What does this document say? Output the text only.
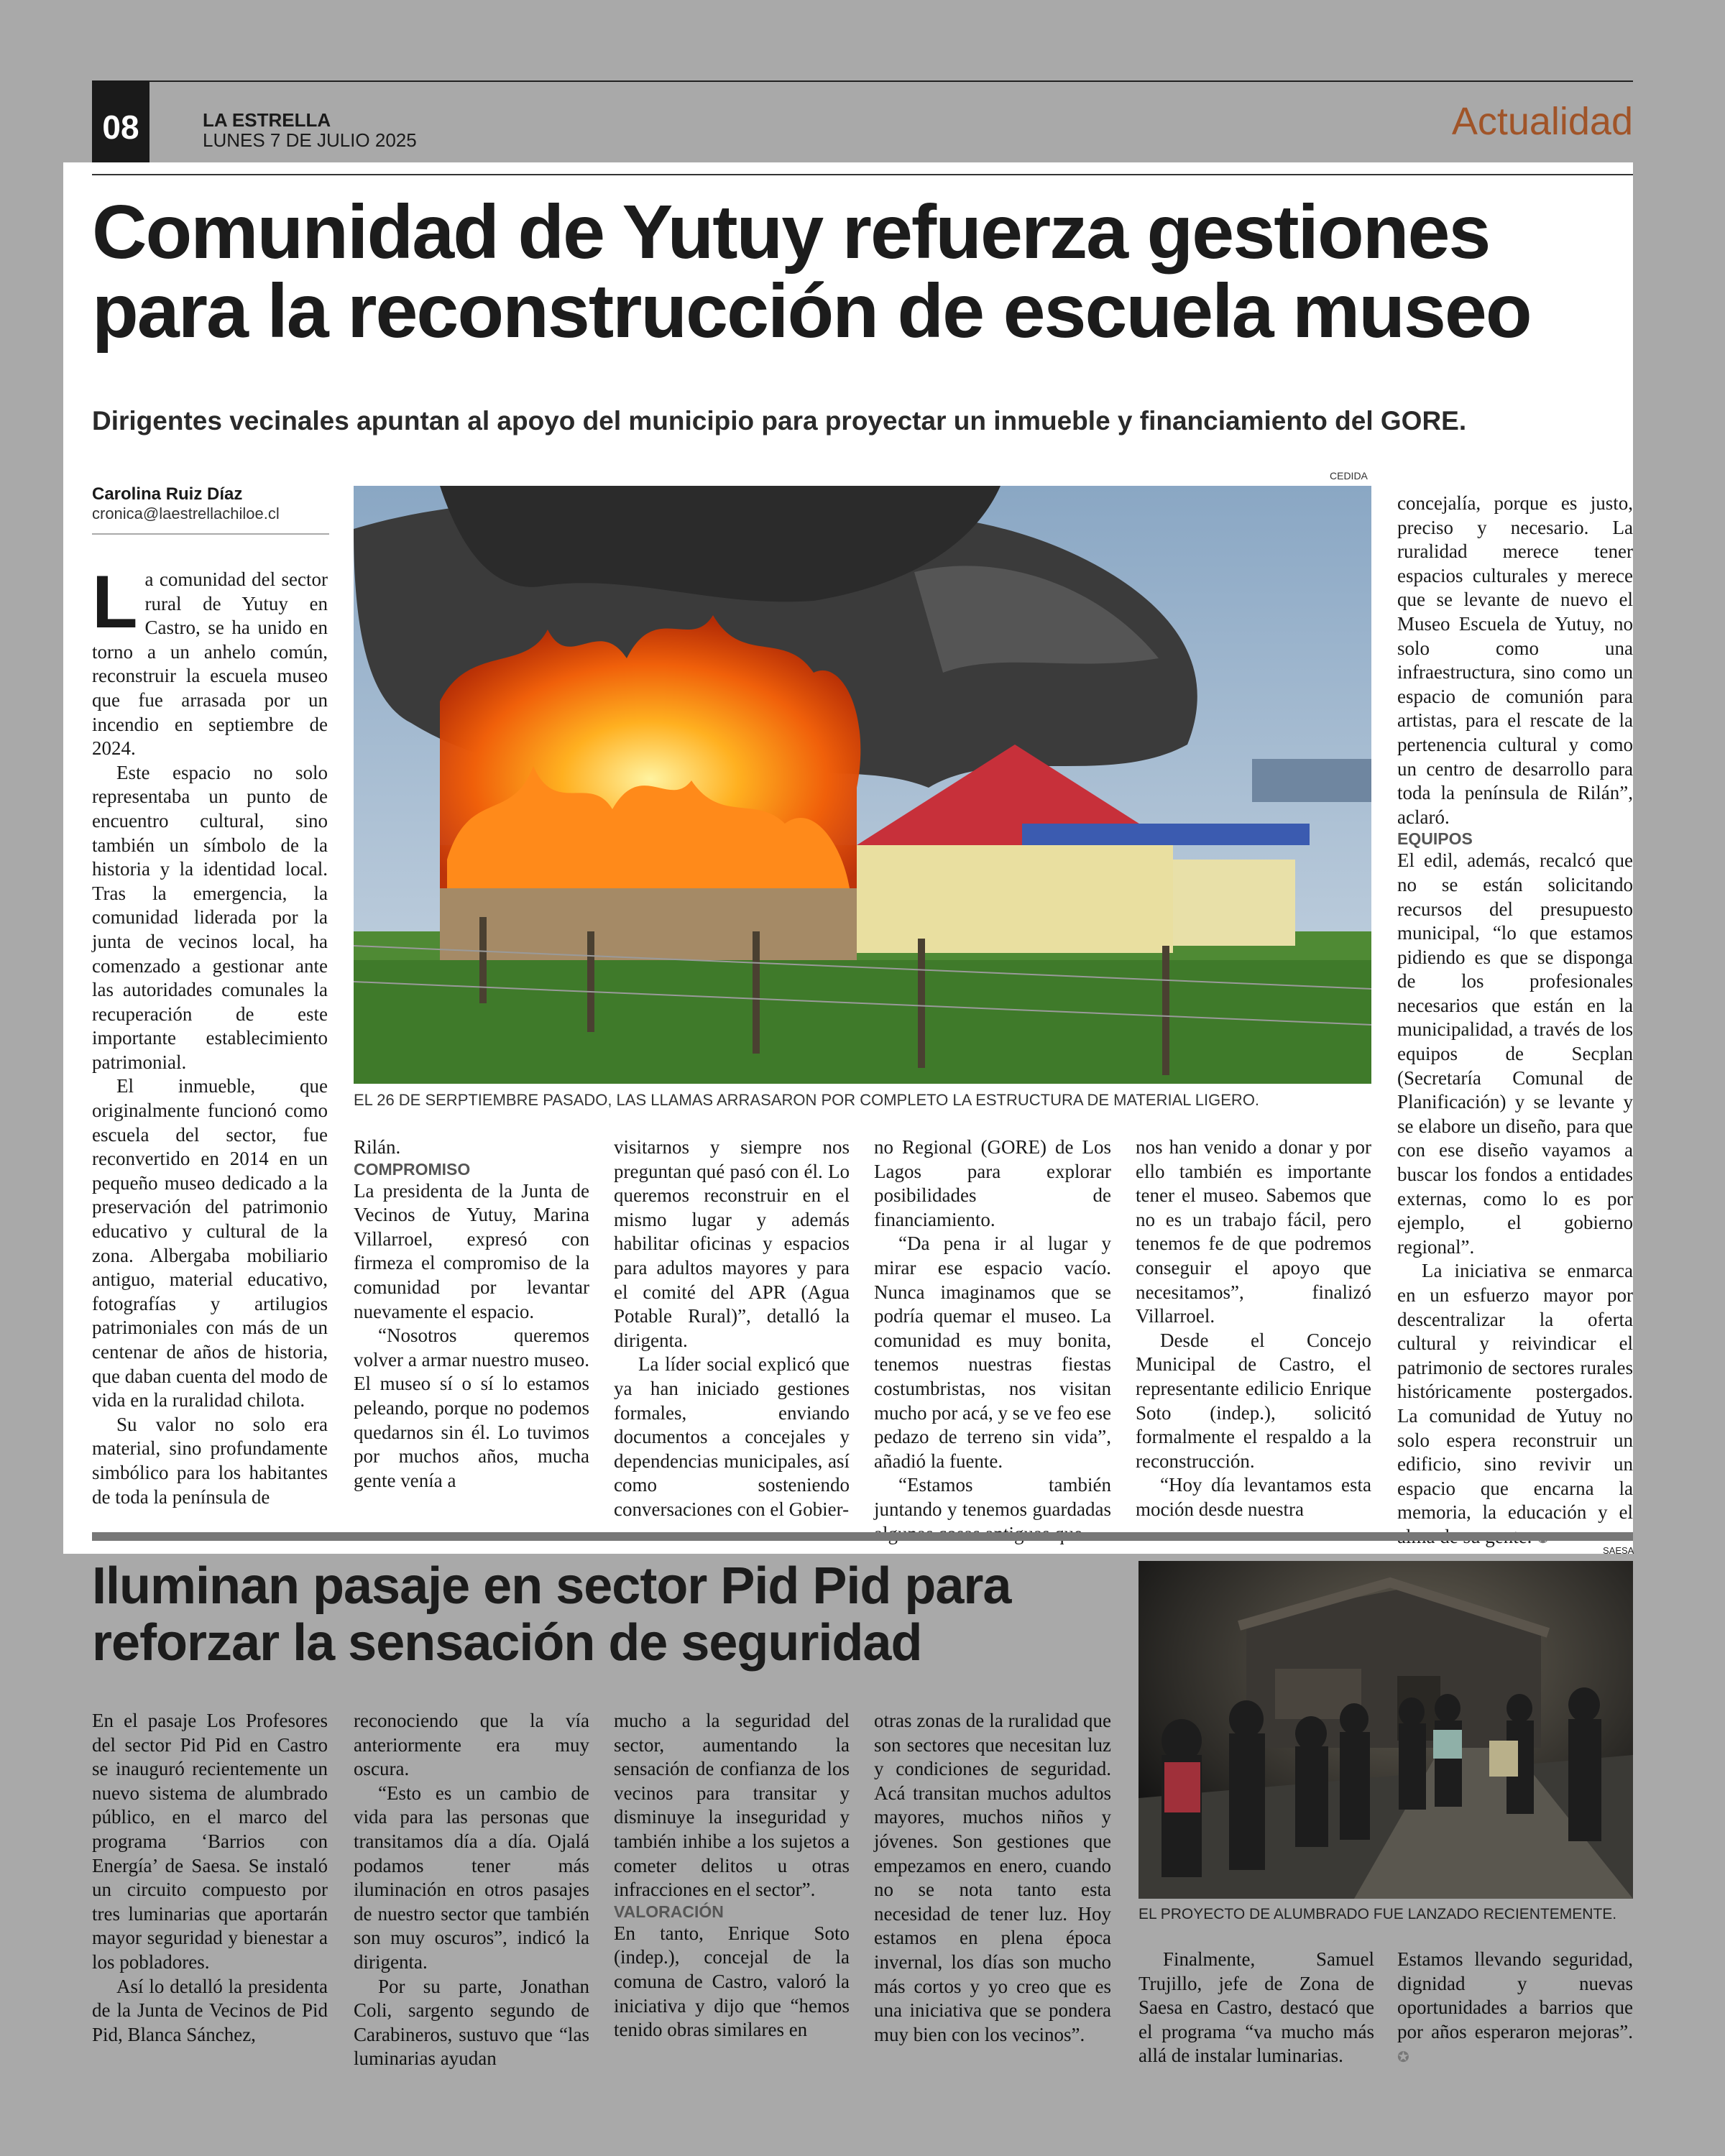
08	LA ESTRELLA
LUNES 7 DE JULIO 2025	Actualidad
Comunidad de Yutuy refuerza gestiones para la reconstrucción de escuela museo
Dirigentes vecinales apuntan al apoyo del municipio para proyectar un inmueble y financiamiento del GORE.
Carolina Ruiz Díaz
cronica@laestrellachiloe.cl

La comunidad del sector rural de Yutuy en Castro, se ha unido en torno a un anhelo común, reconstruir la escuela museo que fue arrasada por un incendio en septiembre de 2024.

Este espacio no solo representaba un punto de encuentro cultural, sino también un símbolo de la historia y la identidad local. Tras la emergencia, la comunidad liderada por la junta de vecinos local, ha comenzado a gestionar ante las autoridades comunales la recuperación de este importante establecimiento patrimonial.

El inmueble, que originalmente funcionó como escuela del sector, fue reconvertido en 2014 en un pequeño museo dedicado a la preservación del patrimonio educativo y cultural de la zona. Albergaba mobiliario antiguo, material educativo, fotografías y artilugios patrimoniales con más de un centenar de años de historia, que daban cuenta del modo de vida en la ruralidad chilota.

Su valor no solo era material, sino profundamente simbólico para los habitantes de toda la península de

CEDIDA
EL 26 DE SERPTIEMBRE PASADO, LAS LLAMAS ARRASARON POR COMPLETO LA ESTRUCTURA DE MATERIAL LIGERO.

Rilán.

COMPROMISO

La presidenta de la Junta de Vecinos de Yutuy, Marina Villarroel, expresó con firmeza el compromiso de la comunidad por levantar nuevamente el espacio.

“Nosotros queremos volver a armar nuestro museo. El museo sí o sí lo estamos peleando, porque no podemos quedarnos sin él. Lo tuvimos por muchos años, mucha gente venía a

visitarnos y siempre nos preguntan qué pasó con él. Lo queremos reconstruir en el mismo lugar y además habilitar oficinas y espacios para adultos mayores y para el comité del APR (Agua Potable Rural)”, detalló la dirigenta.

La líder social explicó que ya han iniciado gestiones formales, enviando documentos a concejales y dependencias municipales, así como sosteniendo conversaciones con el Gobier-

no Regional (GORE) de Los Lagos para explorar posibilidades de financiamiento.

“Da pena ir al lugar y mirar ese espacio vacío. Nunca imaginamos que se podría quemar el museo. La comunidad es muy bonita, tenemos nuestras fiestas costumbristas, nos visitan mucho por acá, y se ve feo ese pedazo de terreno sin vida”, añadió la fuente.

“Estamos también juntando y tenemos guardadas

nos han venido a donar y por ello también es importante tener el museo. Sabemos que no es un trabajo fácil, pero tenemos fe de que podremos conseguir el apoyo que necesitamos”, finalizó Villarroel.

Desde el Concejo Municipal de Castro, el representante edilicio Enrique Soto (indep.), solicitó formalmente el respaldo a la reconstrucción.

“Hoy día levantamos esta moción desde nuestra

concejalía, porque es justo, preciso y necesario. La ruralidad merece tener espacios culturales y merece que se levante de nuevo el Museo Escuela de Yutuy, no solo como una infraestructura, sino como un espacio de comunión para artistas, para el rescate de la pertenencia cultural y como un centro de desarrollo para toda la península de Rilán”, aclaró.

EQUIPOS

El edil, además, recalcó que no se están solicitando recursos del presupuesto municipal, “lo que estamos pidiendo es que se disponga de los profesionales necesarios que están en la municipalidad, a través de los equipos de Secplan (Secretaría Comunal de Planificación) y se levante y se elabore un diseño, para que con ese diseño vayamos a buscar los fondos a entidades externas, como lo es por ejemplo, el gobierno regional”.

La iniciativa se enmarca en un esfuerzo mayor por descentralizar la oferta cultural y reivindicar el patrimonio de sectores rurales históricamente postergados. La comunidad de Yutuy no solo espera reconstruir un edificio, sino revivir un espacio que encarna la memoria, la educación y el

Iluminan pasaje en sector Pid Pid para reforzar la sensación de seguridad
SAESA
EL PROYECTO DE ALUMBRADO FUE LANZADO RECIENTEMENTE.

En el pasaje Los Profesores del sector Pid Pid en Castro se inauguró recientemente un nuevo sistema de alumbrado público, en el marco del programa ‘Barrios con Energía’ de Saesa. Se instaló un circuito compuesto por tres luminarias que aportarán mayor seguridad y bienestar a los pobladores.

Así lo detalló la presidenta de la Junta de Vecinos de Pid Pid, Blanca Sánchez,

reconociendo que la vía anteriormente era muy oscura.

“Esto es un cambio de vida para las personas que transitamos día a día. Ojalá podamos tener más iluminación en otros pasajes de nuestro sector que también son muy oscuros”, indicó la dirigenta.

Por su parte, Jonathan Coli, sargento segundo de Carabineros, sustuvo que “las luminarias ayudan

mucho a la seguridad del sector, aumentando la sensación de confianza de los vecinos para transitar y disminuye la inseguridad y también inhibe a los sujetos a cometer delitos u otras infracciones en el sector”.

VALORACIÓN

En tanto, Enrique Soto (indep.), concejal de la comuna de Castro, valoró la iniciativa y dijo que “hemos tenido obras similares en

otras zonas de la ruralidad que son sectores que necesitan luz y condiciones de seguridad. Acá transitan muchos adultos mayores, muchos niños y jóvenes. Son gestiones que empezamos en enero, cuando no se nota tanto esta necesidad de tener luz. Hoy estamos en plena época invernal, los días son mucho más cortos y yo creo que es una iniciativa que se pondera muy bien con los vecinos”.

Finalmente, Samuel Trujillo, jefe de Zona de Saesa en Castro, destacó que el programa “va mucho más allá de instalar luminarias.

Estamos llevando seguridad, dignidad y nuevas oportunidades a barrios que por años esperaron mejoras”. ✪
